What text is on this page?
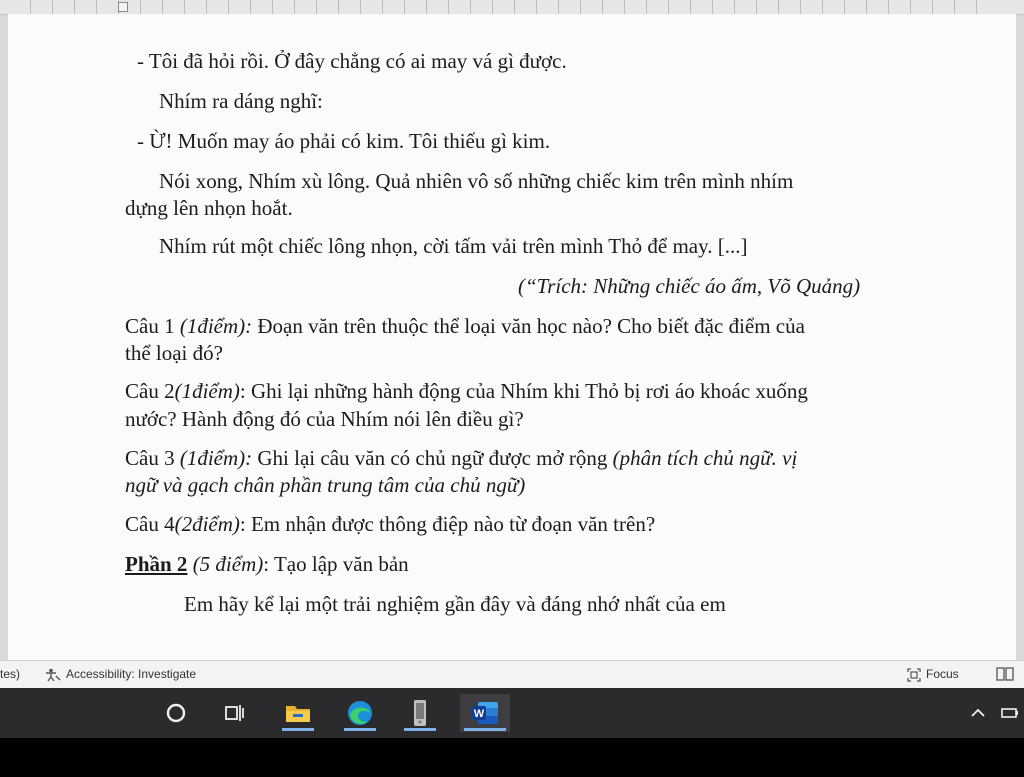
- Tôi đã hỏi rồi. Ở đây chẳng có ai may vá gì được.
Nhím ra dáng nghĩ:
- Ừ! Muốn may áo phải có kim. Tôi thiếu gì kim.
Nói xong, Nhím xù lông. Quả nhiên vô số những chiếc kim trên mình nhím
dựng lên nhọn hoắt.
Nhím rút một chiếc lông nhọn, cời tấm vải trên mình Thỏ để may. [...]
(“Trích: Những chiếc áo ấm, Võ Quảng)
Câu 1 (1điểm): Đoạn văn trên thuộc thể loại văn học nào? Cho biết đặc điểm của
thể loại đó?
Câu 2(1điểm): Ghi lại những hành động của Nhím khi Thỏ bị rơi áo khoác xuống
nước? Hành động đó của Nhím nói lên điều gì?
Câu 3 (1điểm): Ghi lại câu văn có chủ ngữ được mở rộng (phân tích chủ ngữ. vị
ngữ và gạch chân phần trung tâm của chủ ngữ)
Câu 4(2điểm): Em nhận được thông điệp nào từ đoạn văn trên?
Phần 2 (5 điểm): Tạo lập văn bản
Em hãy kể lại một trải nghiệm gần đây và đáng nhớ nhất của em
tes)	Accessibility: Investigate	Focus
W
